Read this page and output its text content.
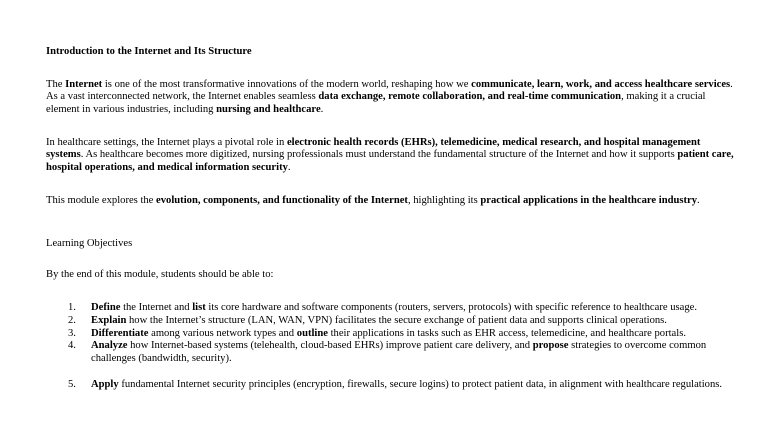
Introduction to the Internet and Its Structure

The Internet is one of the most transformative innovations of the modern world, reshaping how we communicate, learn, work, and access healthcare services. As a vast interconnected network, the Internet enables seamless data exchange, remote collaboration, and real-time communication, making it a crucial element in various industries, including nursing and healthcare.

In healthcare settings, the Internet plays a pivotal role in electronic health records (EHRs), telemedicine, medical research, and hospital management systems. As healthcare becomes more digitized, nursing professionals must understand the fundamental structure of the Internet and how it supports patient care, hospital operations, and medical information security.

This module explores the evolution, components, and functionality of the Internet, highlighting its practical applications in the healthcare industry.

Learning Objectives
By the end of this module, students should be able to:
1. Define the Internet and list its core hardware and software components (routers, servers, protocols) with specific reference to healthcare usage.
2. Explain how the Internet’s structure (LAN, WAN, VPN) facilitates the secure exchange of patient data and supports clinical operations.
3. Differentiate among various network types and outline their applications in tasks such as EHR access, telemedicine, and healthcare portals.
4. Analyze how Internet-based systems (telehealth, cloud-based EHRs) improve patient care delivery, and propose strategies to overcome common challenges (bandwidth, security).
5. Apply fundamental Internet security principles (encryption, firewalls, secure logins) to protect patient data, in alignment with healthcare regulations.
